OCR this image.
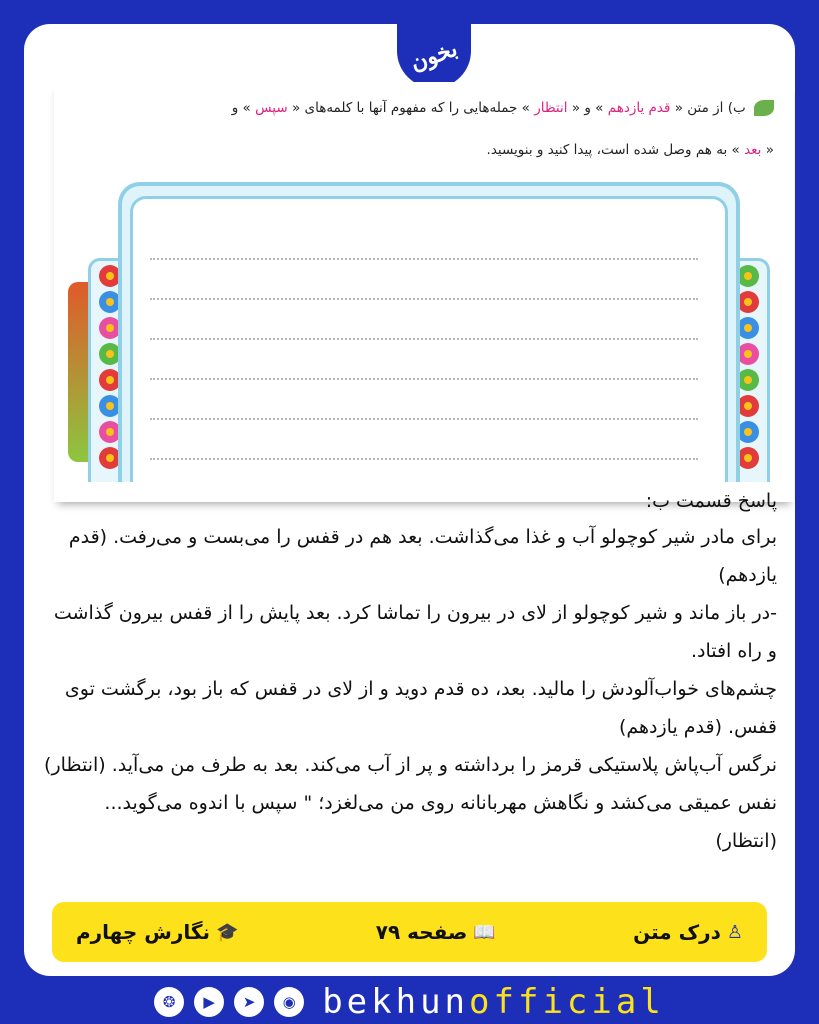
بخون
ب) از متن « قدم یازدهم » و « انتظار » جمله‌هایی را که مفهوم آنها با کلمه‌های « سپس » و
« بعد » به هم وصل شده است، پیدا کنید و بنویسید.

پاسخ قسمت ب:

برای مادر شیر کوچولو آب و غذا می‌گذاشت. بعد هم در قفس را می‌بست و می‌رفت. (قدم یازدهم)

-در باز ماند و شیر کوچولو از لای در بیرون را تماشا کرد. بعد پایش را از قفس بیرون گذاشت و راه افتاد.

چشم‌های خواب‌آلودش را مالید. بعد، ده قدم دوید و از لای در قفس که باز بود، برگشت توی قفس. (قدم یازدهم)

نرگس آب‌پاش پلاستیکی قرمز را برداشته و پر از آب می‌کند. بعد به طرف من می‌آید. (انتظار)

نفس عمیقی می‌کشد و نگاهش مهربانانه روی من می‌لغزد؛ " سپس با اندوه می‌گوید... (انتظار)

♙
درک متن
📖
صفحه ۷۹
🎓
نگارش چهارم
❂	▶	➤	◉ bekhunofficial
